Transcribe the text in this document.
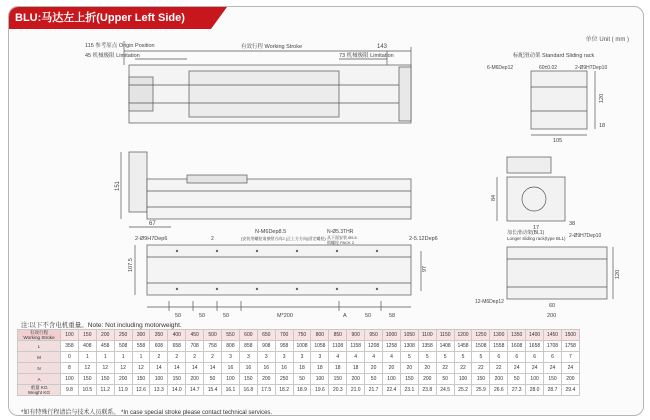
BLU:马达左上折(Upper Left Side)
单位 Unit ( mm )
115 参考原点 Origin Position
45 机械极限 Limitation
有效行程 Working Stroke	143
73 机械极限 Limitation
151
67
2-Ø9H7Dep6
N-M6Dep8.5
(安装用螺栓请参照方向2 (正上方方向)固定螺栓)
N-Ø5.3THR
从下面安装 Ø5.5
锁螺栓 PACK 2
2-5.12Dep6
2
107.5	97
50	50	50	M*200	A	50	58
标配滑动架 Standard Sliding rack
6-M6Dep12	60±0.02	2-Ø9H7Dep10
105
120
18
84
38
17
加长滑动架(BL1)
Longer sliding rack(type BL1) 2-Ø9H7Dep10
12-M6Dep12
120
60
200
注:以下不含电机重量。Note: Not including motorweight.
有效行程
Working Stroke	100	150	200	250	300	350	400	450	500	550	600	650	700	750	800	850	900	950	1000	1050	1100	1150	1200	1250	1300	1350	1400	1450	1500
L	358	408	458	508	558	608	658	708	758	808	858	908	958	1008	1058	1108	1158	1208	1258	1308	1358	1408	1458	1508	1558	1608	1658	1708	1758
M	0	1	1	1	1	2	2	2	2	3	3	3	3	3	3	4	4	4	4	5	5	5	5	5	6	6	6	6	7
N	8	12	12	12	12	14	14	14	14	16	16	16	16	18	18	18	18	20	20	20	20	22	22	22	22	24	24	24	24
A	100	150	150	200	150	100	150	200	50	100	150	200	250	50	100	150	200	50	100	150	200	50	100	150	200	50	100	150	200

重量 KG
Weight KG	9.8	10.5	11.2	11.9	12.6	13.3	14.0	14.7	15.4	16.1	16.8	17.5	18.2	18.9	19.6	20.3	21.0	21.7	22.4	23.1	23.8	24.5	25.2	25.9	26.6	27.3	28.0	28.7	29.4
*如有特殊行程请洽与技术人员联系。 *In case special stroke please contact technical services.
